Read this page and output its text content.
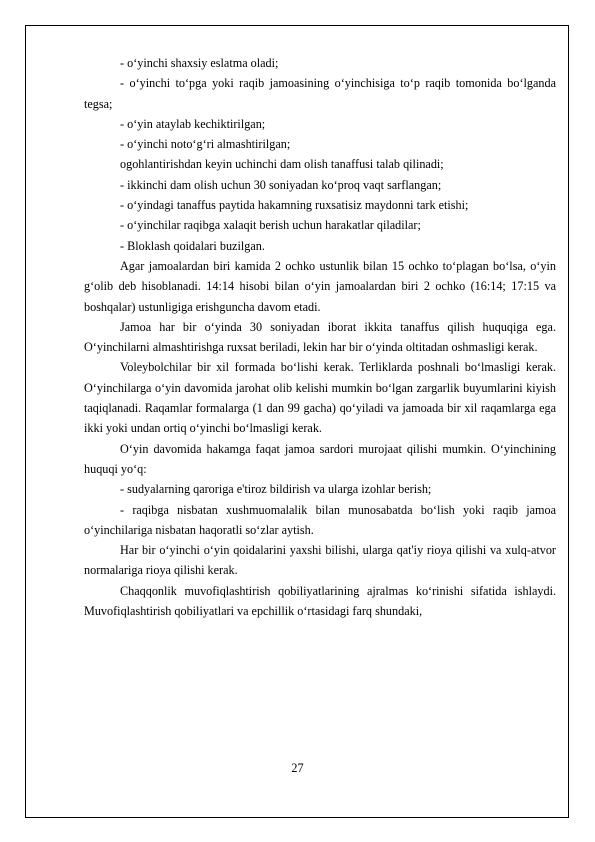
- o‘yinchi shaxsiy eslatma oladi;

- o‘yinchi to‘pga yoki raqib jamoasining o‘yinchisiga to‘p raqib tomonida bo‘lganda tegsa;

- o‘yin ataylab kechiktirilgan;

- o‘yinchi noto‘g‘ri almashtirilgan;

ogohlantirishdan keyin uchinchi dam olish tanaffusi talab qilinadi;

- ikkinchi dam olish uchun 30 soniyadan ko‘proq vaqt sarflangan;

- o‘yindagi tanaffus paytida hakamning ruxsatisiz maydonni tark etishi;

- o‘yinchilar raqibga xalaqit berish uchun harakatlar qiladilar;

- Bloklash qoidalari buzilgan.

Agar jamoalardan biri kamida 2 ochko ustunlik bilan 15 ochko to‘plagan bo‘lsa, o‘yin g‘olib deb hisoblanadi. 14:14 hisobi bilan o‘yin jamoalardan biri 2 ochko (16:14; 17:15 va boshqalar) ustunligiga erishguncha davom etadi.

Jamoa har bir o‘yinda 30 soniyadan iborat ikkita tanaffus qilish huquqiga ega. O‘yinchilarni almashtirishga ruxsat beriladi, lekin har bir o‘yinda oltitadan oshmasligi kerak.

Voleybolchilar bir xil formada bo‘lishi kerak. Terliklarda poshnali bo‘lmasligi kerak. O‘yinchilarga o‘yin davomida jarohat olib kelishi mumkin bo‘lgan zargarlik buyumlarini kiyish taqiqlanadi. Raqamlar formalarga (1 dan 99 gacha) qo‘yiladi va jamoada bir xil raqamlarga ega ikki yoki undan ortiq o‘yinchi bo‘lmasligi kerak.

O‘yin davomida hakamga faqat jamoa sardori murojaat qilishi mumkin. O‘yinchining huquqi yo‘q:

- sudyalarning qaroriga e'tiroz bildirish va ularga izohlar berish;

- raqibga nisbatan xushmuomalalik bilan munosabatda bo‘lish yoki raqib jamoa o‘yinchilariga nisbatan haqoratli so‘zlar aytish.

Har bir o‘yinchi o‘yin qoidalarini yaxshi bilishi, ularga qat'iy rioya qilishi va xulq-atvor normalariga rioya qilishi kerak.

Chaqqonlik muvofiqlashtirish qobiliyatlarining ajralmas ko‘rinishi sifatida ishlaydi. Muvofiqlashtirish qobiliyatlari va epchillik o‘rtasidagi farq shundaki,

27
